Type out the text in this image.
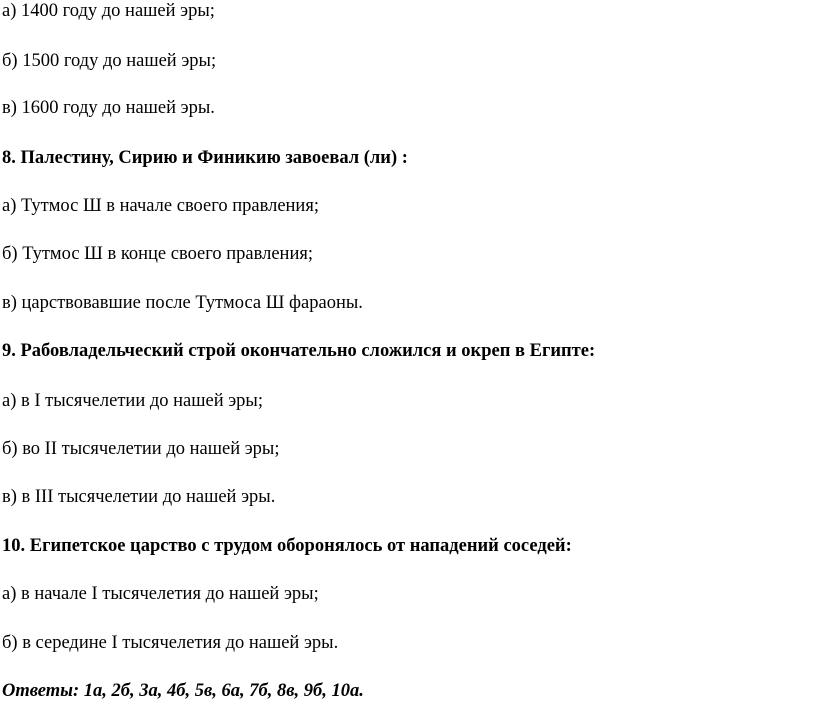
а) 1400 году до нашей эры;
б) 1500 году до нашей эры;
в) 1600 году до нашей эры.
8. Палестину, Сирию и Финикию завоевал (ли) :
а) Тутмос Ш в начале своего правления;
б) Тутмос Ш в конце своего правления;
в) царствовавшие после Тутмоса Ш фараоны.
9. Рабовладельческий строй окончательно сложился и окреп в Египте:
а) в I тысячелетии до нашей эры;
б) во II тысячелетии до нашей эры;
в) в III тысячелетии до нашей эры.
10. Египетское царство с трудом оборонялось от нападений соседей:
а) в начале I тысячелетия до нашей эры;
б) в середине I тысячелетия до нашей эры.
Ответы: 1а, 2б, 3а, 4б, 5в, 6а, 7б, 8в, 9б, 10а.
